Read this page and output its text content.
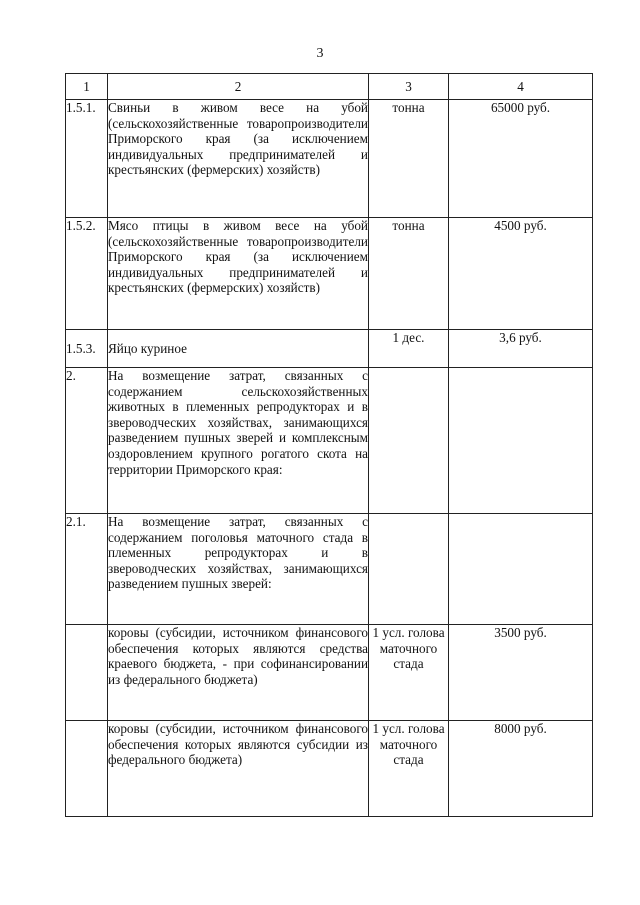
3
1	2	3	4
1.5.1.	Свиньи в живом весе на убой (сельскохозяйственные товаропроизводители Приморского края (за исключением индивидуальных предпринимателей и крестьянских (фермерских) хозяйств)	тонна	65000 руб.
1.5.2.	Мясо птицы в живом весе на убой (сельскохозяйственные товаропроизводители Приморского края (за исключением индивидуальных предпринимателей и крестьянских (фермерских) хозяйств)	тонна	4500 руб.
1.5.3.	Яйцо куриное	1 дес.	3,6 руб.
2.	На возмещение затрат, связанных с содержанием сельскохозяйственных животных в племенных репродукторах и в звероводческих хозяйствах, занимающихся разведением пушных зверей и комплексным оздоровлением крупного рогатого скота на территории Приморского края:		
2.1.	На возмещение затрат, связанных с содержанием поголовья маточного стада в племенных репродукторах и в звероводческих хозяйствах, занимающихся разведением пушных зверей:		
	коровы (субсидии, источником финансового обеспечения которых являются средства краевого бюджета, - при софинансировании из федерального бюджета)	1 усл. голова маточного стада	3500 руб.
	коровы (субсидии, источником финансового обеспечения которых являются субсидии из федерального бюджета)	1 усл. голова маточного стада	8000 руб.
